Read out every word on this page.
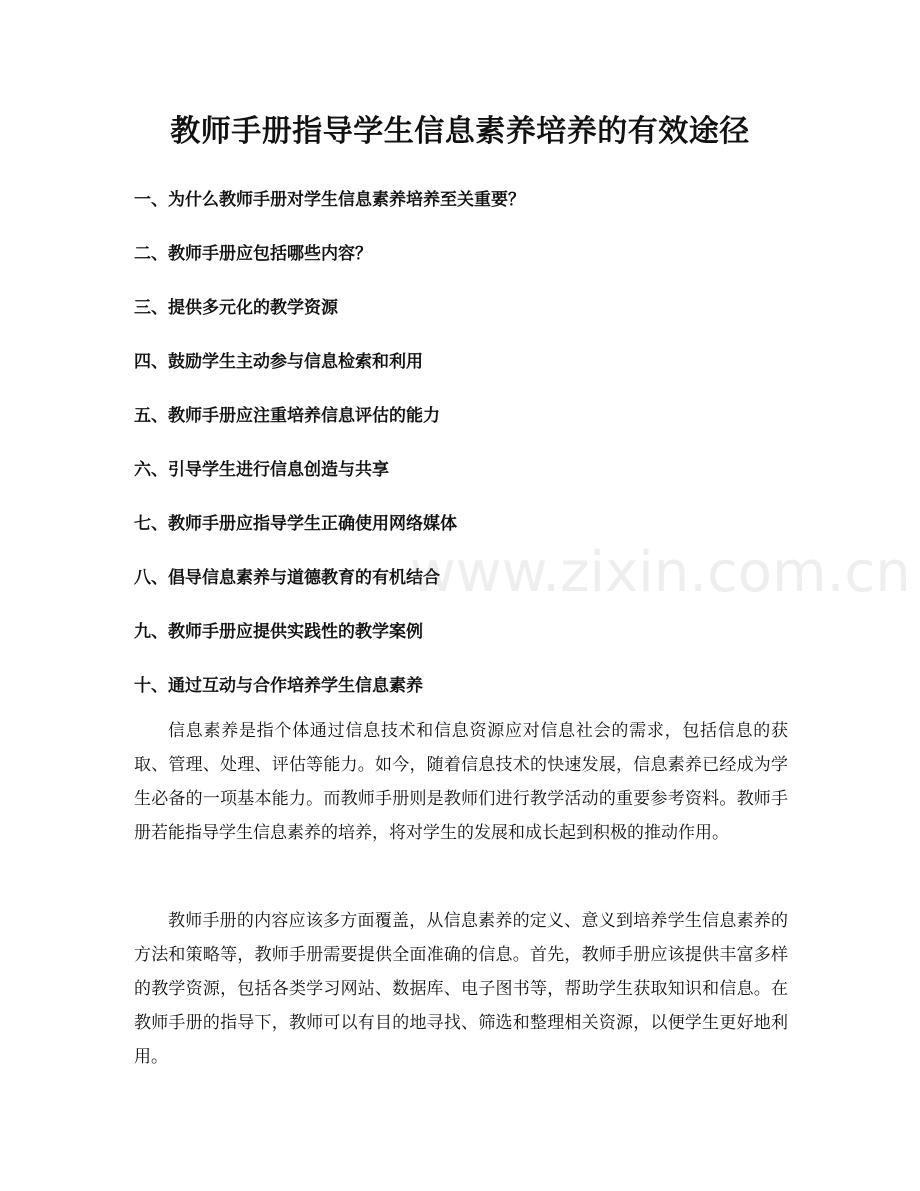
教师手册指导学生信息素养培养的有效途径
一、为什么教师手册对学生信息素养培养至关重要？
二、教师手册应包括哪些内容？
三、提供多元化的教学资源
四、鼓励学生主动参与信息检索和利用
五、教师手册应注重培养信息评估的能力
六、引导学生进行信息创造与共享
七、教师手册应指导学生正确使用网络媒体
八、倡导信息素养与道德教育的有机结合
九、教师手册应提供实践性的教学案例
十、通过互动与合作培养学生信息素养

信息素养是指个体通过信息技术和信息资源应对信息社会的需求，包括信息的获取、管理、处理、评估等能力。如今，随着信息技术的快速发展，信息素养已经成为学生必备的一项基本能力。而教师手册则是教师们进行教学活动的重要参考资料。教师手册若能指导学生信息素养的培养，将对学生的发展和成长起到积极的推动作用。

教师手册的内容应该多方面覆盖，从信息素养的定义、意义到培养学生信息素养的方法和策略等，教师手册需要提供全面准确的信息。首先，教师手册应该提供丰富多样的教学资源，包括各类学习网站、数据库、电子图书等，帮助学生获取知识和信息。在教师手册的指导下，教师可以有目的地寻找、筛选和整理相关资源，以便学生更好地利用。

www.zixin.com.cn
